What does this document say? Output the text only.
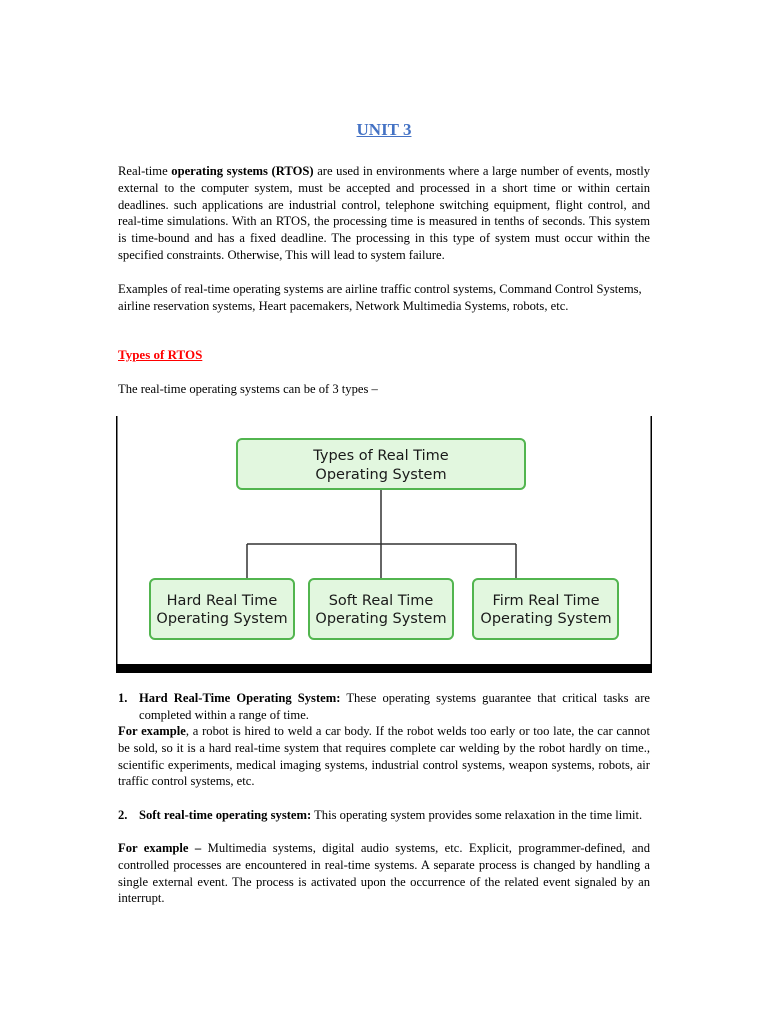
UNIT 3
Real-time operating systems (RTOS) are used in environments where a large number of events, mostly external to the computer system, must be accepted and processed in a short time or within certain deadlines. such applications are industrial control, telephone switching equipment, flight control, and real-time simulations. With an RTOS, the processing time is measured in tenths of seconds. This system is time-bound and has a fixed deadline. The processing in this type of system must occur within the specified constraints. Otherwise, This will lead to system failure.
Examples of real-time operating systems are airline traffic control systems, Command Control Systems, airline reservation systems, Heart pacemakers, Network Multimedia Systems, robots, etc.
Types of RTOS
The real-time operating systems can be of 3 types –
Types of Real Time
Operating System
Hard Real Time
Operating System
Soft Real Time
Operating System
Firm Real Time
Operating System
1. Hard Real-Time Operating System: These operating systems guarantee that critical tasks are completed within a range of time.
For example, a robot is hired to weld a car body. If the robot welds too early or too late, the car cannot be sold, so it is a hard real-time system that requires complete car welding by the robot hardly on time., scientific experiments, medical imaging systems, industrial control systems, weapon systems, robots, air traffic control systems, etc.
2. Soft real-time operating system: This operating system provides some relaxation in the time limit.
For example – Multimedia systems, digital audio systems, etc. Explicit, programmer-defined, and controlled processes are encountered in real-time systems. A separate process is changed by handling a single external event. The process is activated upon the occurrence of the related event signaled by an interrupt.
